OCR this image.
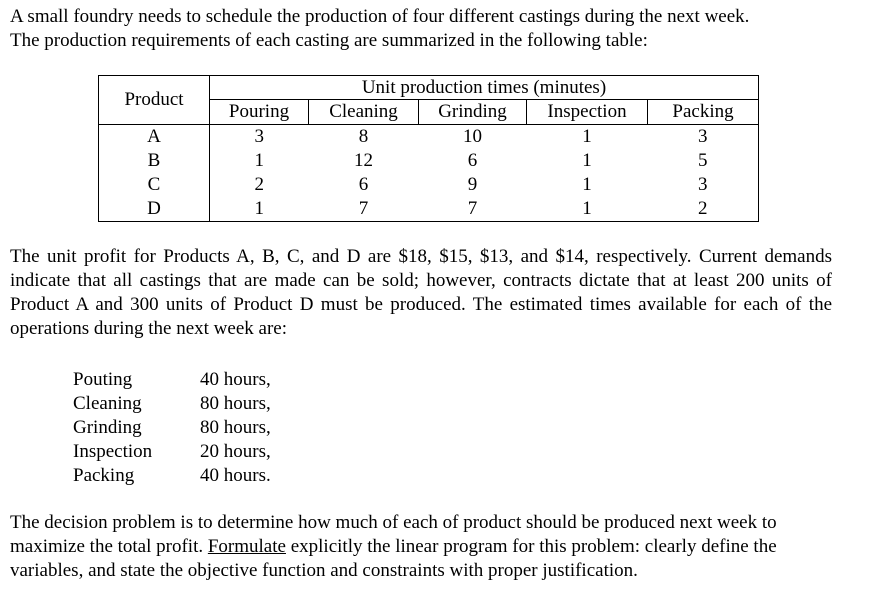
A small foundry needs to schedule the production of four different castings during the next week.
The production requirements of each casting are summarized in the following table:

Product	Unit production times (minutes)				
	Pouring	Cleaning	Grinding	Inspection	Packing
A	3	8	10	1	3
B	1	12	6	1	5
C	2	6	9	1	3
D	1	7	7	1	2

The unit profit for Products A, B, C, and D are $18, $15, $13, and $14, respectively. Current demands indicate that all castings that are made can be sold; however, contracts dictate that at least 200 units of Product A and 300 units of Product D must be produced. The estimated times available for each of the operations during the next week are:

Pouting	40 hours,
Cleaning	80 hours,
Grinding	80 hours,
Inspection	20 hours,
Packing	40 hours.

The decision problem is to determine how much of each of product should be produced next week to
maximize the total profit. Formulate explicitly the linear program for this problem: clearly define the
variables, and state the objective function and constraints with proper justification.
